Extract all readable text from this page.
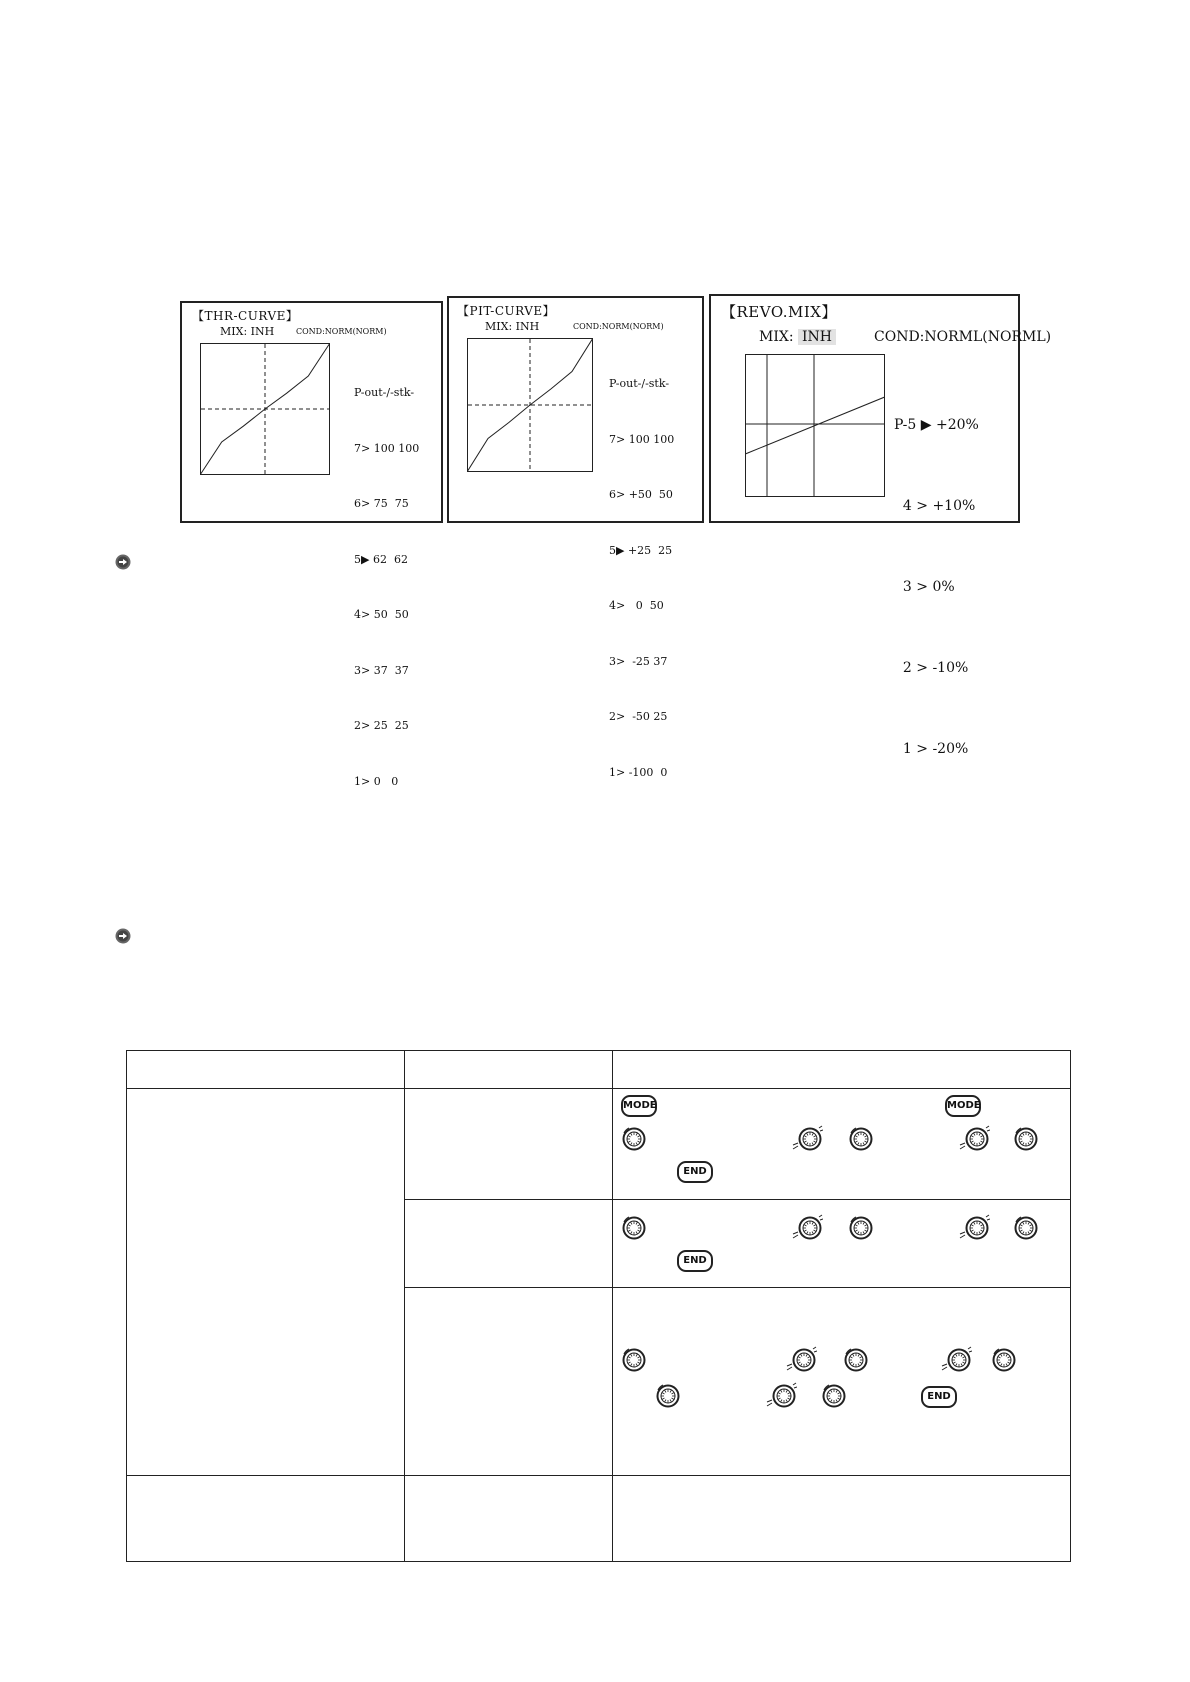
【THR-CURVE】
MIX: INH	COND:NORM(NORM)

P-out-/-stk-

7> 100 100

6> 75  75

5▶ 62  62

4> 50  50

3> 37  37

2> 25  25

1> 0   0

【PIT-CURVE】
MIX: INH	COND:NORM(NORM)

P-out-/-stk-

7> 100 100

6> +50  50

5▶ +25  25

4>   0  50

3>  -25 37

2>  -50 25

1> -100  0

【REVO.MIX】
MIX: INH	COND:NORML(NORML)

P-5 ▶ +20%

4 > +10%

3 > 0%

2 > -10%

1 > -20%

		MODE MODE
END

		END

		END
